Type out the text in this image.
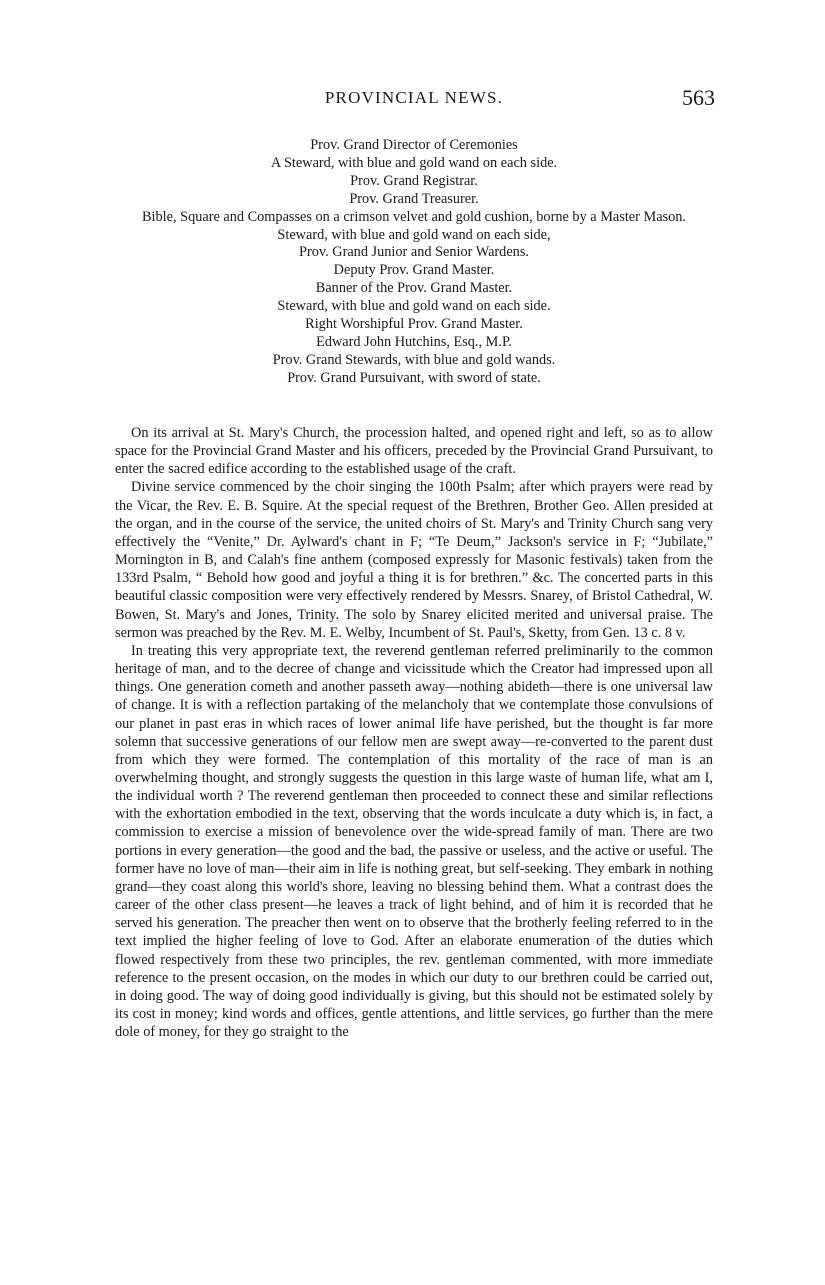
PROVINCIAL NEWS.	563
Prov. Grand Director of Ceremonies
A Steward, with blue and gold wand on each side.
Prov. Grand Registrar.
Prov. Grand Treasurer.
Bible, Square and Compasses on a crimson velvet and gold cushion, borne by a Master Mason.
Steward, with blue and gold wand on each side,
Prov. Grand Junior and Senior Wardens.
Deputy Prov. Grand Master.
Banner of the Prov. Grand Master.
Steward, with blue and gold wand on each side.
Right Worshipful Prov. Grand Master.
Edward John Hutchins, Esq., M.P.
Prov. Grand Stewards, with blue and gold wands.
Prov. Grand Pursuivant, with sword of state.

On its arrival at St. Mary's Church, the procession halted, and opened right and left, so as to allow space for the Provincial Grand Master and his officers, preceded by the Provincial Grand Pursuivant, to enter the sacred edifice according to the established usage of the craft.

Divine service commenced by the choir singing the 100th Psalm; after which prayers were read by the Vicar, the Rev. E. B. Squire. At the special request of the Brethren, Brother Geo. Allen presided at the organ, and in the course of the service, the united choirs of St. Mary's and Trinity Church sang very effectively the “Venite,” Dr. Aylward's chant in F; “Te Deum,” Jackson's service in F; “Jubilate,” Mornington in B, and Calah's fine anthem (composed expressly for Masonic festivals) taken from the 133rd Psalm, “ Behold how good and joyful a thing it is for brethren.” &c. The concerted parts in this beautiful classic composition were very effectively rendered by Messrs. Snarey, of Bristol Cathedral, W. Bowen, St. Mary's and Jones, Trinity. The solo by Snarey elicited merited and universal praise. The sermon was preached by the Rev. M. E. Welby, Incumbent of St. Paul's, Sketty, from Gen. 13 c. 8 v.

In treating this very appropriate text, the reverend gentleman referred preliminarily to the common heritage of man, and to the decree of change and vicissitude which the Creator had impressed upon all things. One generation cometh and another passeth away—nothing abideth—there is one universal law of change. It is with a reflection partaking of the melancholy that we contemplate those convulsions of our planet in past eras in which races of lower animal life have perished, but the thought is far more solemn that successive generations of our fellow men are swept away—re-converted to the parent dust from which they were formed. The contemplation of this mortality of the race of man is an overwhelming thought, and strongly suggests the question in this large waste of human life, what am I, the individual worth ? The reverend gentleman then proceeded to connect these and similar reflections with the exhortation embodied in the text, observing that the words inculcate a duty which is, in fact, a commission to exercise a mission of benevolence over the wide-spread family of man. There are two portions in every generation—the good and the bad, the passive or useless, and the active or useful. The former have no love of man—their aim in life is nothing great, but self-seeking. They embark in nothing grand—they coast along this world's shore, leaving no blessing behind them. What a contrast does the career of the other class present—he leaves a track of light behind, and of him it is recorded that he served his generation. The preacher then went on to observe that the brotherly feeling referred to in the text implied the higher feeling of love to God. After an elaborate enumeration of the duties which flowed respectively from these two principles, the rev. gentleman commented, with more immediate reference to the present occasion, on the modes in which our duty to our brethren could be carried out, in doing good. The way of doing good individually is giving, but this should not be estimated solely by its cost in money; kind words and offices, gentle attentions, and little services, go further than the mere dole of money, for they go straight to the
